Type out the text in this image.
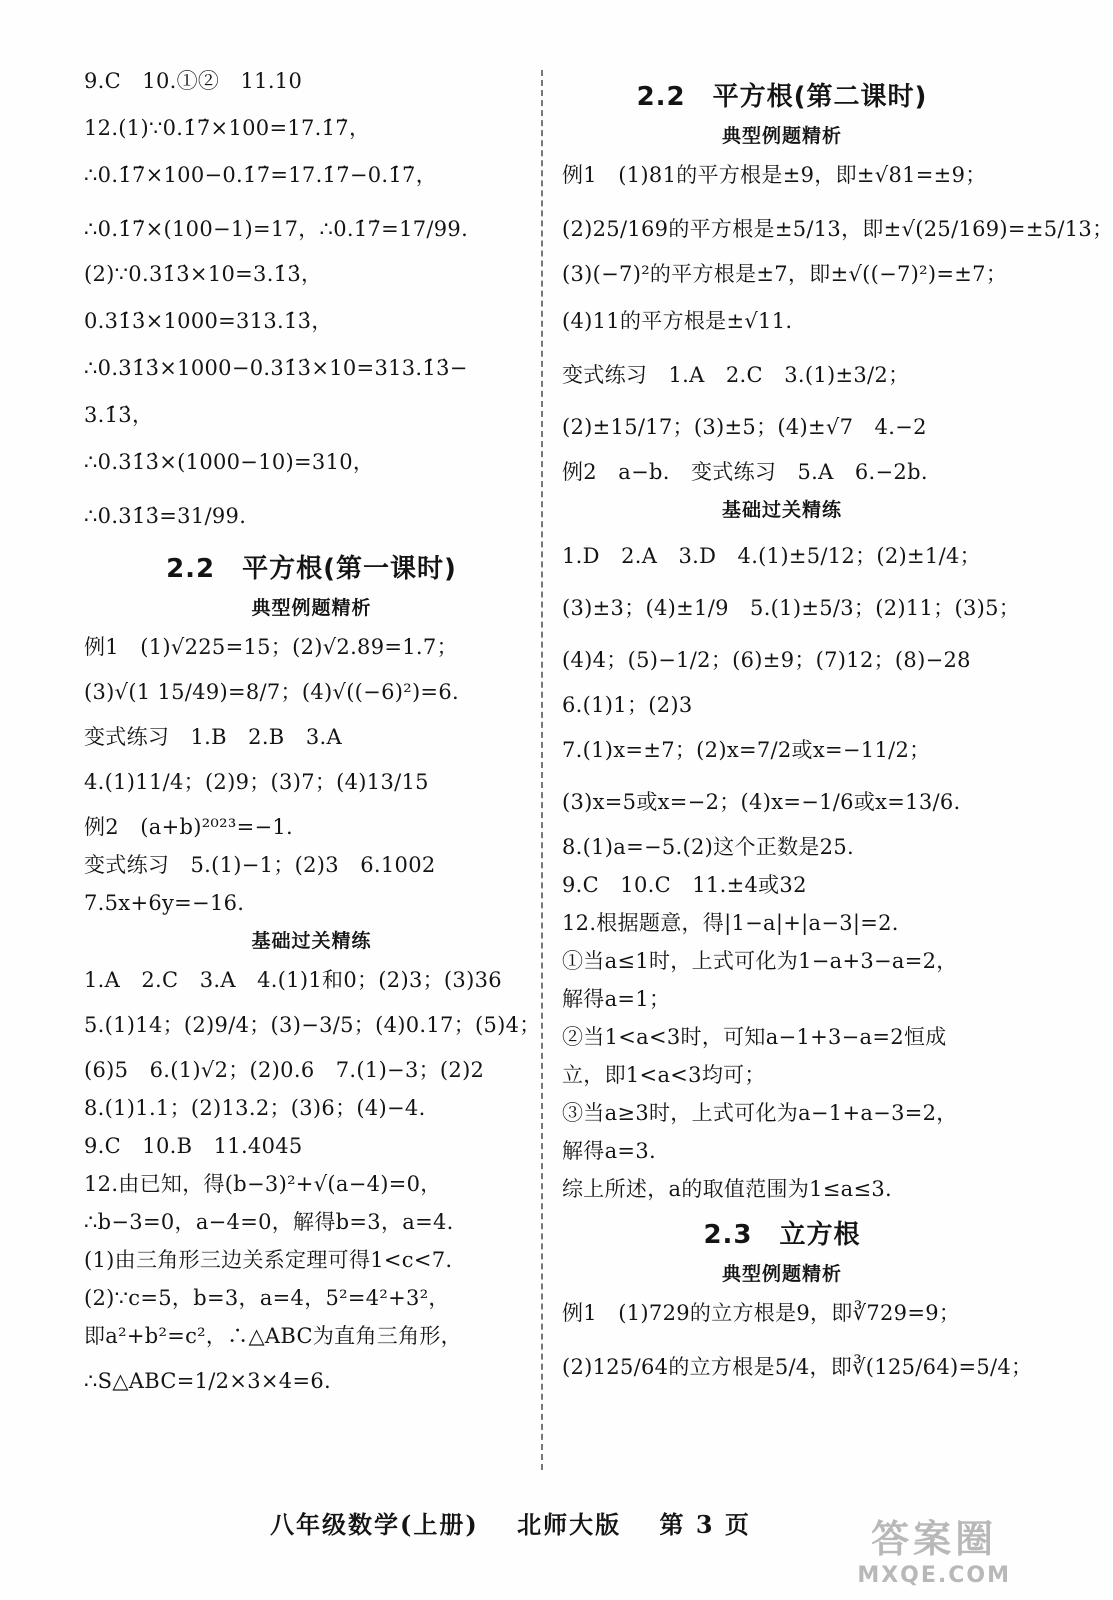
9.C　10.①②　11.10
12.(1)∵0.1̇7̇×100=17.1̇7̇，
∴0.1̇7̇×100−0.1̇7̇=17.1̇7̇−0.1̇7̇，
∴0.1̇7̇×(100−1)=17，∴0.1̇7̇=17/99.
(2)∵0.31̇3̇×10=3.1̇3̇，
0.31̇3̇×1000=313.1̇3̇，
∴0.31̇3̇×1000−0.31̇3̇×10=313.1̇3̇−
3.1̇3̇，
∴0.31̇3̇×(1000−10)=310，
∴0.31̇3̇=31/99.
2.2　平方根(第一课时)
典型例题精析
例1　(1)√225=15；(2)√2.89=1.7；
(3)√(1 15/49)=8/7；(4)√((−6)²)=6.
变式练习　1.B　2.B　3.A
4.(1)11/4；(2)9；(3)7；(4)13/15
例2　(a+b)²⁰²³=−1.
变式练习　5.(1)−1；(2)3　6.1002
7.5x+6y=−16.
基础过关精练
1.A　2.C　3.A　4.(1)1和0；(2)3；(3)36
5.(1)14；(2)9/4；(3)−3/5；(4)0.17；(5)4；
(6)5　6.(1)√2；(2)0.6　7.(1)−3；(2)2
8.(1)1.1；(2)13.2；(3)6；(4)−4.
9.C　10.B　11.4045
12.由已知，得(b−3)²+√(a−4)=0，
∴b−3=0，a−4=0，解得b=3，a=4.
(1)由三角形三边关系定理可得1<c<7.
(2)∵c=5，b=3，a=4，5²=4²+3²，
即a²+b²=c²，∴△ABC为直角三角形，
∴S△ABC=1/2×3×4=6.
2.2　平方根(第二课时)
典型例题精析
例1　(1)81的平方根是±9，即±√81=±9；
(2)25/169的平方根是±5/13，即±√(25/169)=±5/13；
(3)(−7)²的平方根是±7，即±√((−7)²)=±7；
(4)11的平方根是±√11.
变式练习　1.A　2.C　3.(1)±3/2；
(2)±15/17；(3)±5；(4)±√7　4.−2
例2　a−b.　变式练习　5.A　6.−2b.
基础过关精练
1.D　2.A　3.D　4.(1)±5/12；(2)±1/4；
(3)±3；(4)±1/9　5.(1)±5/3；(2)11；(3)5；
(4)4；(5)−1/2；(6)±9；(7)12；(8)−28
6.(1)1；(2)3
7.(1)x=±7；(2)x=7/2或x=−11/2；
(3)x=5或x=−2；(4)x=−1/6或x=13/6.
8.(1)a=−5.(2)这个正数是25.
9.C　10.C　11.±4或32
12.根据题意，得|1−a|+|a−3|=2.
①当a≤1时，上式可化为1−a+3−a=2，
解得a=1；
②当1<a<3时，可知a−1+3−a=2恒成
立，即1<a<3均可；
③当a≥3时，上式可化为a−1+a−3=2，
解得a=3.
综上所述，a的取值范围为1≤a≤3.
2.3　立方根
典型例题精析
例1　(1)729的立方根是9，即∛729=9；
(2)125/64的立方根是5/4，即∛(125/64)=5/4；
八年级数学(上册) 北师大版 第 3 页	答案圈
MXQE.COM
